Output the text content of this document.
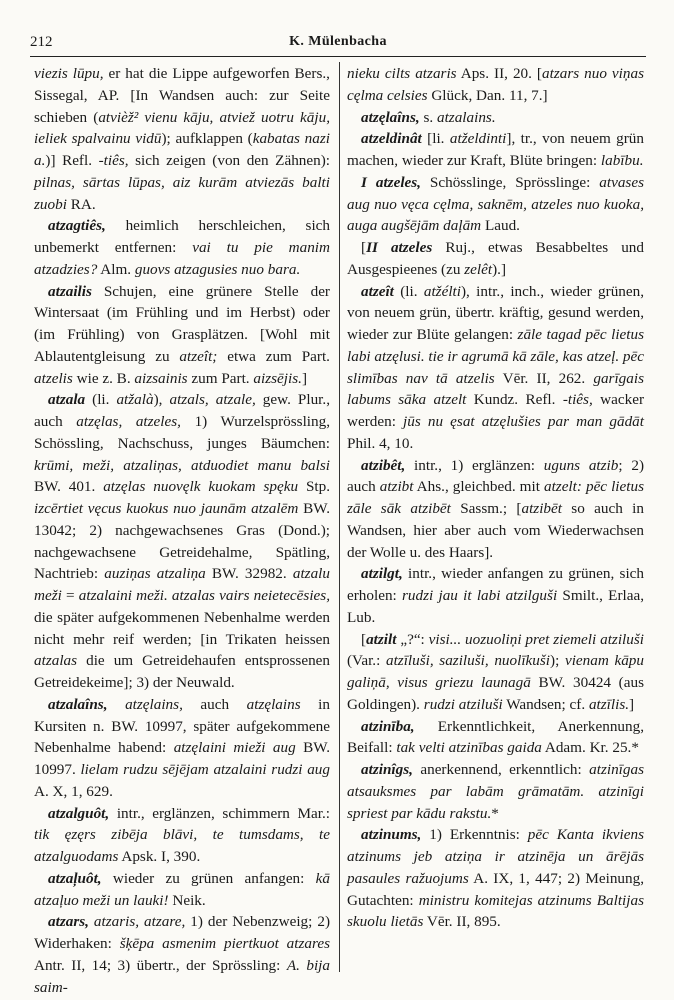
212	K. Mülenbacha

viezis lūpu, er hat die Lippe aufgeworfen Bers., Sissegal, AP. [In Wandsen auch: zur Seite schieben (atvièž² vienu kāju, atviež uotru kāju, ieliek spalvainu vidū); aufklappen (kabatas nazi a.)] Refl. -tiês, sich zeigen (von den Zähnen): pilnas, sārtas lūpas, aiz kurām atviezās balti zuobi RA.

atzagtiês, heimlich herschleichen, sich unbemerkt entfernen: vai tu pie manim atzadzies? Alm. guovs atzagusies nuo bara.

atzailis Schujen, eine grünere Stelle der Wintersaat (im Frühling und im Herbst) oder (im Frühling) von Grasplätzen. [Wohl mit Ablautentgleisung zu atzeît; etwa zum Part. atzelis wie z. B. aizsainis zum Part. aizsējis.]

atzala (li. atžalà), atzals, atzale, gew. Plur., auch atzęlas, atzeles, 1) Wurzelsprössling, Schössling, Nachschuss, junges Bäumchen: krūmi, meži, atzaliņas, atduodiet manu balsi BW. 401. atzęlas nuovęlk kuokam spęku Stp. izcērtiet vęcus kuokus nuo jaunām atzalēm BW. 13042; 2) nachgewachsenes Gras (Dond.); nachgewachsene Getreidehalme, Spätling, Nachtrieb: auziņas atzaliņa BW. 32982. atzalu meži = atzalaini meži. atzalas vairs neietecēsies, die später aufgekommenen Nebenhalme werden nicht mehr reif werden; [in Trikaten heissen atzalas die um Getreidehaufen entsprossenen Getreidekeime]; 3) der Neuwald.

atzalaîns, atzęlains, auch atzęlains in Kursiten n. BW. 10997, später aufgekommene Nebenhalme habend: atzęlaini mieži aug BW. 10997. lielam rudzu sējējam atzalaini rudzi aug A. X, 1, 629.

atzalguôt, intr., erglänzen, schimmern Mar.: tik ęzęrs zibēja blāvi, te tumsdams, te atzalguodams Apsk. I, 390.

atzaļuôt, wieder zu grünen anfangen: kā atzaļuo meži un lauki! Neik.

atzars, atzaris, atzare, 1) der Nebenzweig; 2) Widerhaken: šķēpa asmenim piertkuot atzares Antr. II, 14; 3) übertr., der Sprössling: A. bija saim-

nieku cilts atzaris Aps. II, 20. [atzars nuo viņas cęlma celsies Glück, Dan. 11, 7.]

atzęlaîns, s. atzalains.

atzeldinât [li. atželdinti], tr., von neuem grün machen, wieder zur Kraft, Blüte bringen: labību.

I atzeles, Schösslinge, Sprösslinge: atvases aug nuo vęca cęlma, saknēm, atzeles nuo kuoka, auga augšējām daļām Laud.

[II atzeles Ruj., etwas Besabbeltes und Ausgespieenes (zu zelêt).]

atzeît (li. atžélti), intr., inch., wieder grünen, von neuem grün, übertr. kräftig, gesund werden, wieder zur Blüte gelangen: zāle tagad pēc lietus labi atzęlusi. tie ir agrumā kā zāle, kas atzeļ. pēc slimības nav tā atzelis Vēr. II, 262. garīgais labums sāka atzelt Kundz. Refl. -tiês, wacker werden: jūs nu ęsat atzęlušies par man gādāt Phil. 4, 10.

atzibêt, intr., 1) erglänzen: uguns atzib; 2) auch atzibt Ahs., gleichbed. mit atzelt: pēc lietus zāle sāk atzibēt Sassm.; [atzibēt so auch in Wandsen, hier aber auch vom Wiederwachsen der Wolle u. des Haars].

atzilgt, intr., wieder anfangen zu grünen, sich erholen: rudzi jau it labi atzilguši Smilt., Erlaa, Lub.

[atzilt „?“: visi... uozuoliņi pret ziemeli atziluši (Var.: atzīluši, saziluši, nuolīkuši); vienam kāpu galiņā, visus griezu launagā BW. 30424 (aus Goldingen). rudzi atziluši Wandsen; cf. atzīlis.]

atzinība, Erkenntlichkeit, Anerkennung, Beifall: tak velti atzinības gaida Adam. Kr. 25.*

atzinîgs, anerkennend, erkenntlich: atzinīgas atsauksmes par labām grāmatām. atzinīgi spriest par kādu rakstu.*

atzinums, 1) Erkenntnis: pēc Kanta ikviens atzinums jeb atziņa ir atzinēja un ārējās pasaules ražuojums A. IX, 1, 447; 2) Meinung, Gutachten: ministru komitejas atzinums Baltijas skuolu lietās Vēr. II, 895.
